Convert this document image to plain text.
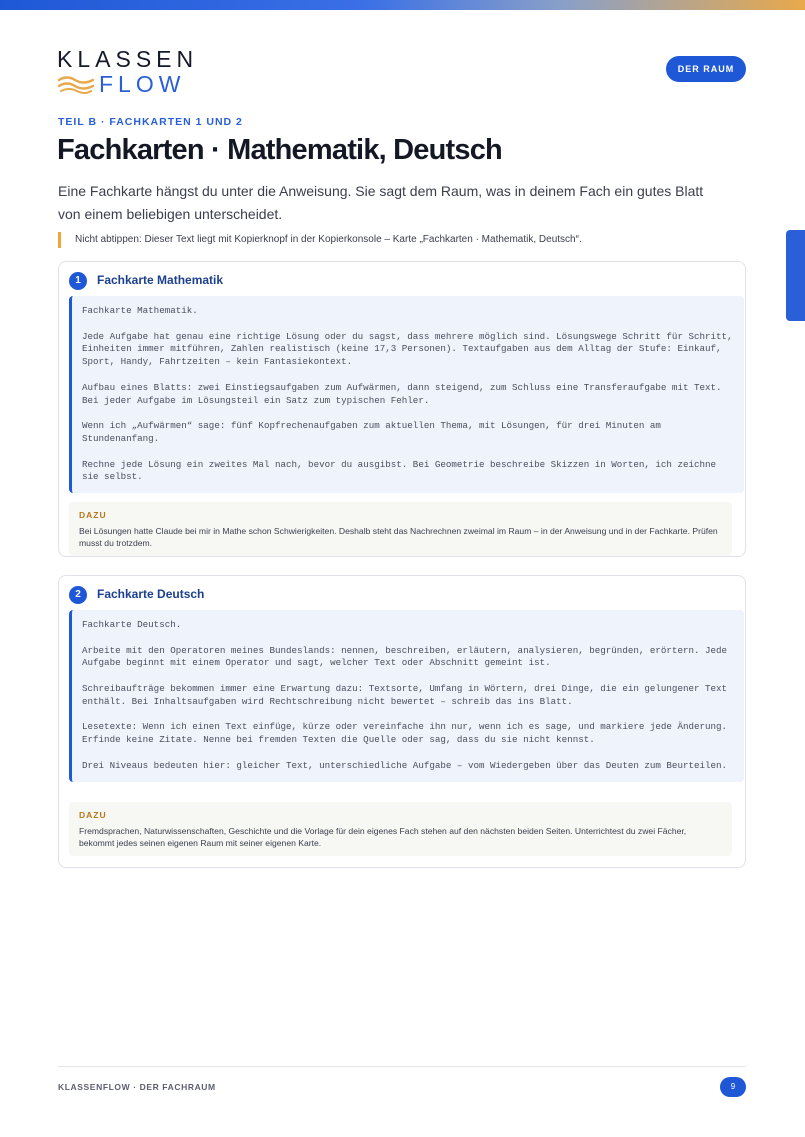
KLASSEN
FLOW
DER RAUM
TEIL B · FACHKARTEN 1 UND 2
Fachkarten · Mathematik, Deutsch
Eine Fachkarte hängst du unter die Anweisung. Sie sagt dem Raum, was in deinem Fach ein gutes Blatt von einem beliebigen unterscheidet.
Nicht abtippen: Dieser Text liegt mit Kopierknopf in der Kopierkonsole – Karte „Fachkarten · Mathematik, Deutsch“.
1	Fachkarte Mathematik

Fachkarte Mathematik.

Jede Aufgabe hat genau eine richtige Lösung oder du sagst, dass mehrere möglich sind. Lösungswege Schritt für Schritt, Einheiten immer mitführen, Zahlen realistisch (keine 17,3 Personen). Textaufgaben aus dem Alltag der Stufe: Einkauf, Sport, Handy, Fahrtzeiten – kein Fantasiekontext.

Aufbau eines Blatts: zwei Einstiegsaufgaben zum Aufwärmen, dann steigend, zum Schluss eine Transferaufgabe mit Text. Bei jeder Aufgabe im Lösungsteil ein Satz zum typischen Fehler.

Wenn ich „Aufwärmen“ sage: fünf Kopfrechenaufgaben zum aktuellen Thema, mit Lösungen, für drei Minuten am Stundenanfang.

Rechne jede Lösung ein zweites Mal nach, bevor du ausgibst. Bei Geometrie beschreibe Skizzen in Worten, ich zeichne sie selbst.

DAZU
Bei Lösungen hatte Claude bei mir in Mathe schon Schwierigkeiten. Deshalb steht das Nachrechnen zweimal im Raum – in der Anweisung und in der Fachkarte. Prüfen musst du trotzdem.
2	Fachkarte Deutsch

Fachkarte Deutsch.

Arbeite mit den Operatoren meines Bundeslands: nennen, beschreiben, erläutern, analysieren, begründen, erörtern. Jede Aufgabe beginnt mit einem Operator und sagt, welcher Text oder Abschnitt gemeint ist.

Schreibaufträge bekommen immer eine Erwartung dazu: Textsorte, Umfang in Wörtern, drei Dinge, die ein gelungener Text enthält. Bei Inhaltsaufgaben wird Rechtschreibung nicht bewertet – schreib das ins Blatt.

Lesetexte: Wenn ich einen Text einfüge, kürze oder vereinfache ihn nur, wenn ich es sage, und markiere jede Änderung. Erfinde keine Zitate. Nenne bei fremden Texten die Quelle oder sag, dass du sie nicht kennst.

Drei Niveaus bedeuten hier: gleicher Text, unterschiedliche Aufgabe – vom Wiedergeben über das Deuten zum Beurteilen.

DAZU
Fremdsprachen, Naturwissenschaften, Geschichte und die Vorlage für dein eigenes Fach stehen auf den nächsten beiden Seiten. Unterrichtest du zwei Fächer, bekommt jedes seinen eigenen Raum mit seiner eigenen Karte.
KLASSENFLOW · DER FACHRAUM	9
